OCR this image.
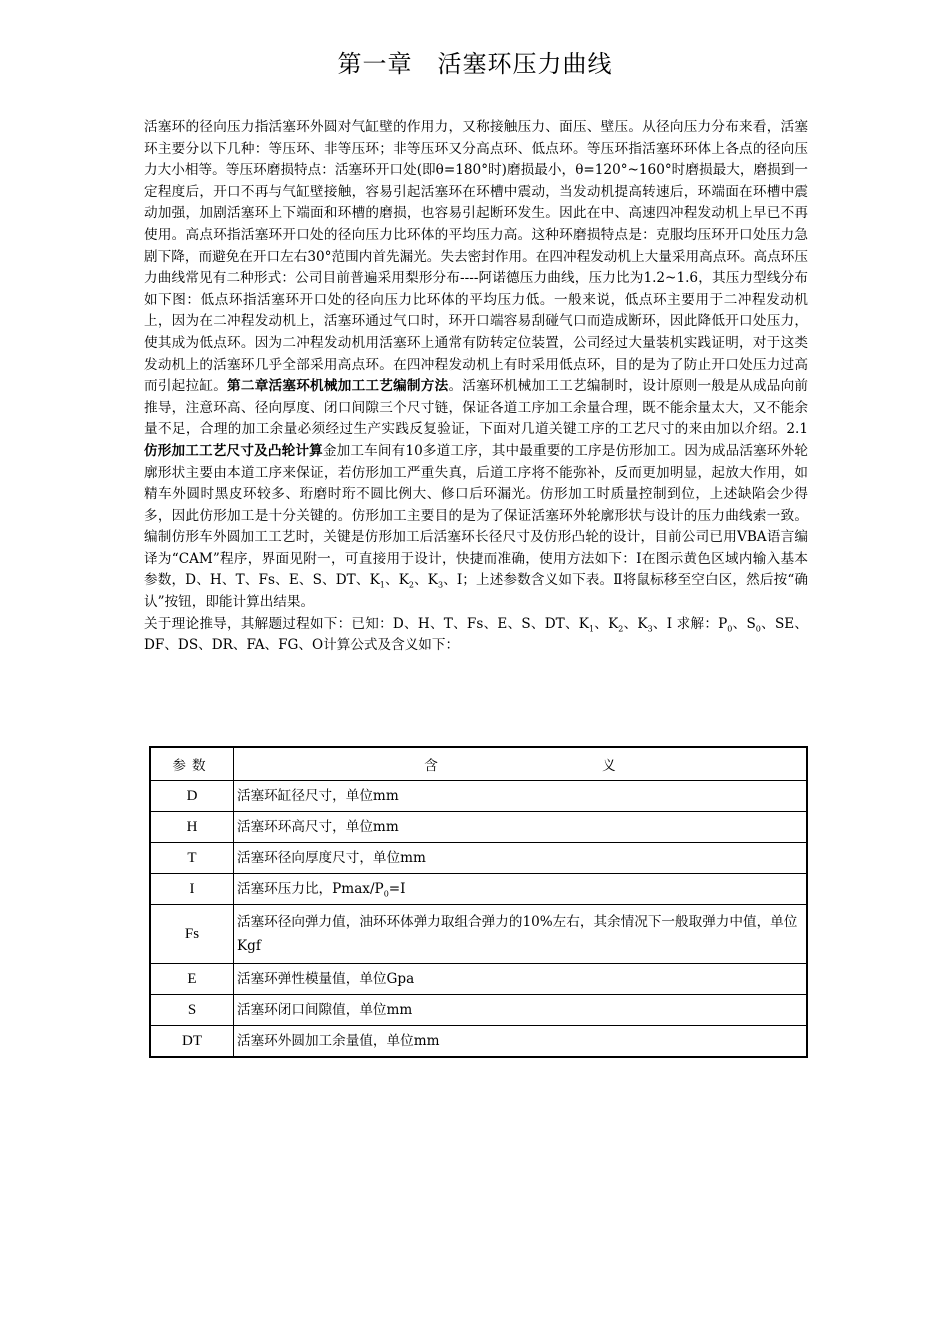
第一章　活塞环压力曲线

活塞环的径向压力指活塞环外圆对气缸壁的作用力，又称接触压力、面压、壁压。从径向压力分布来看，活塞环主要分以下几种：等压环、非等压环；非等压环又分高点环、低点环。等压环指活塞环环体上各点的径向压力大小相等。等压环磨损特点：活塞环开口处(即θ=180°时)磨损最小，θ=120°~160°时磨损最大，磨损到一定程度后，开口不再与气缸壁接触，容易引起活塞环在环槽中震动，当发动机提高转速后，环端面在环槽中震动加强，加剧活塞环上下端面和环槽的磨损，也容易引起断环发生。因此在中、高速四冲程发动机上早已不再使用。高点环指活塞环开口处的径向压力比环体的平均压力高。这种环磨损特点是：克服均压环开口处压力急剧下降，而避免在开口左右30°范围内首先漏光。失去密封作用。在四冲程发动机上大量采用高点环。高点环压力曲线常见有二种形式：公司目前普遍采用梨形分布----阿诺德压力曲线，压力比为1.2~1.6，其压力型线分布如下图：低点环指活塞环开口处的径向压力比环体的平均压力低。一般来说，低点环主要用于二冲程发动机上，因为在二冲程发动机上，活塞环通过气口时，环开口端容易刮碰气口而造成断环，因此降低开口处压力，使其成为低点环。因为二冲程发动机用活塞环上通常有防转定位装置，公司经过大量装机实践证明，对于这类发动机上的活塞环几乎全部采用高点环。在四冲程发动机上有时采用低点环，目的是为了防止开口处压力过高而引起拉缸。第二章活塞环机械加工工艺编制方法。活塞环机械加工工艺编制时，设计原则一般是从成品向前推导，注意环高、径向厚度、闭口间隙三个尺寸链，保证各道工序加工余量合理，既不能余量太大，又不能余量不足，合理的加工余量必须经过生产实践反复验证，下面对几道关键工序的工艺尺寸的来由加以介绍。2.1 仿形加工工艺尺寸及凸轮计算金加工车间有10多道工序，其中最重要的工序是仿形加工。因为成品活塞环外轮廓形状主要由本道工序来保证，若仿形加工严重失真，后道工序将不能弥补，反而更加明显，起放大作用，如精车外圆时黑皮环较多、珩磨时珩不圆比例大、修口后环漏光。仿形加工时质量控制到位，上述缺陷会少得多，因此仿形加工是十分关键的。仿形加工主要目的是为了保证活塞环外轮廓形状与设计的压力曲线索一致。编制仿形车外圆加工工艺时，关键是仿形加工后活塞环长径尺寸及仿形凸轮的设计，目前公司已用VBA语言编译为“CAM”程序，界面见附一，可直接用于设计，快捷而准确，使用方法如下：Ⅰ在图示黄色区域内输入基本参数，D、H、T、Fs、E、S、DT、$K_1$、$K_2$、$K_3$、I；上述参数含义如下表。Ⅱ将鼠标移至空白区，然后按“确认”按钮，即能计算出结果。

关于理论推导，其解题过程如下：已知：D、H、T、Fs、E、S、DT、$K_1$、$K_2$、$K_3$、I 求解：$P_0$、$S_0$、SE、DF、DS、DR、FA、FG、O计算公式及含义如下：

参数	含 义
D	活塞环缸径尺寸，单位mm
H	活塞环环高尺寸，单位mm
T	活塞环径向厚度尺寸，单位mm
I	活塞环压力比，Pmax/$P_0=I$
Fs	活塞环径向弹力值，油环环体弹力取组合弹力的10%左右，其余情况下一般取弹力中值，单位Kgf
E	活塞环弹性模量值，单位Gpa
S	活塞环闭口间隙值，单位mm
DT	活塞环外圆加工余量值，单位mm
